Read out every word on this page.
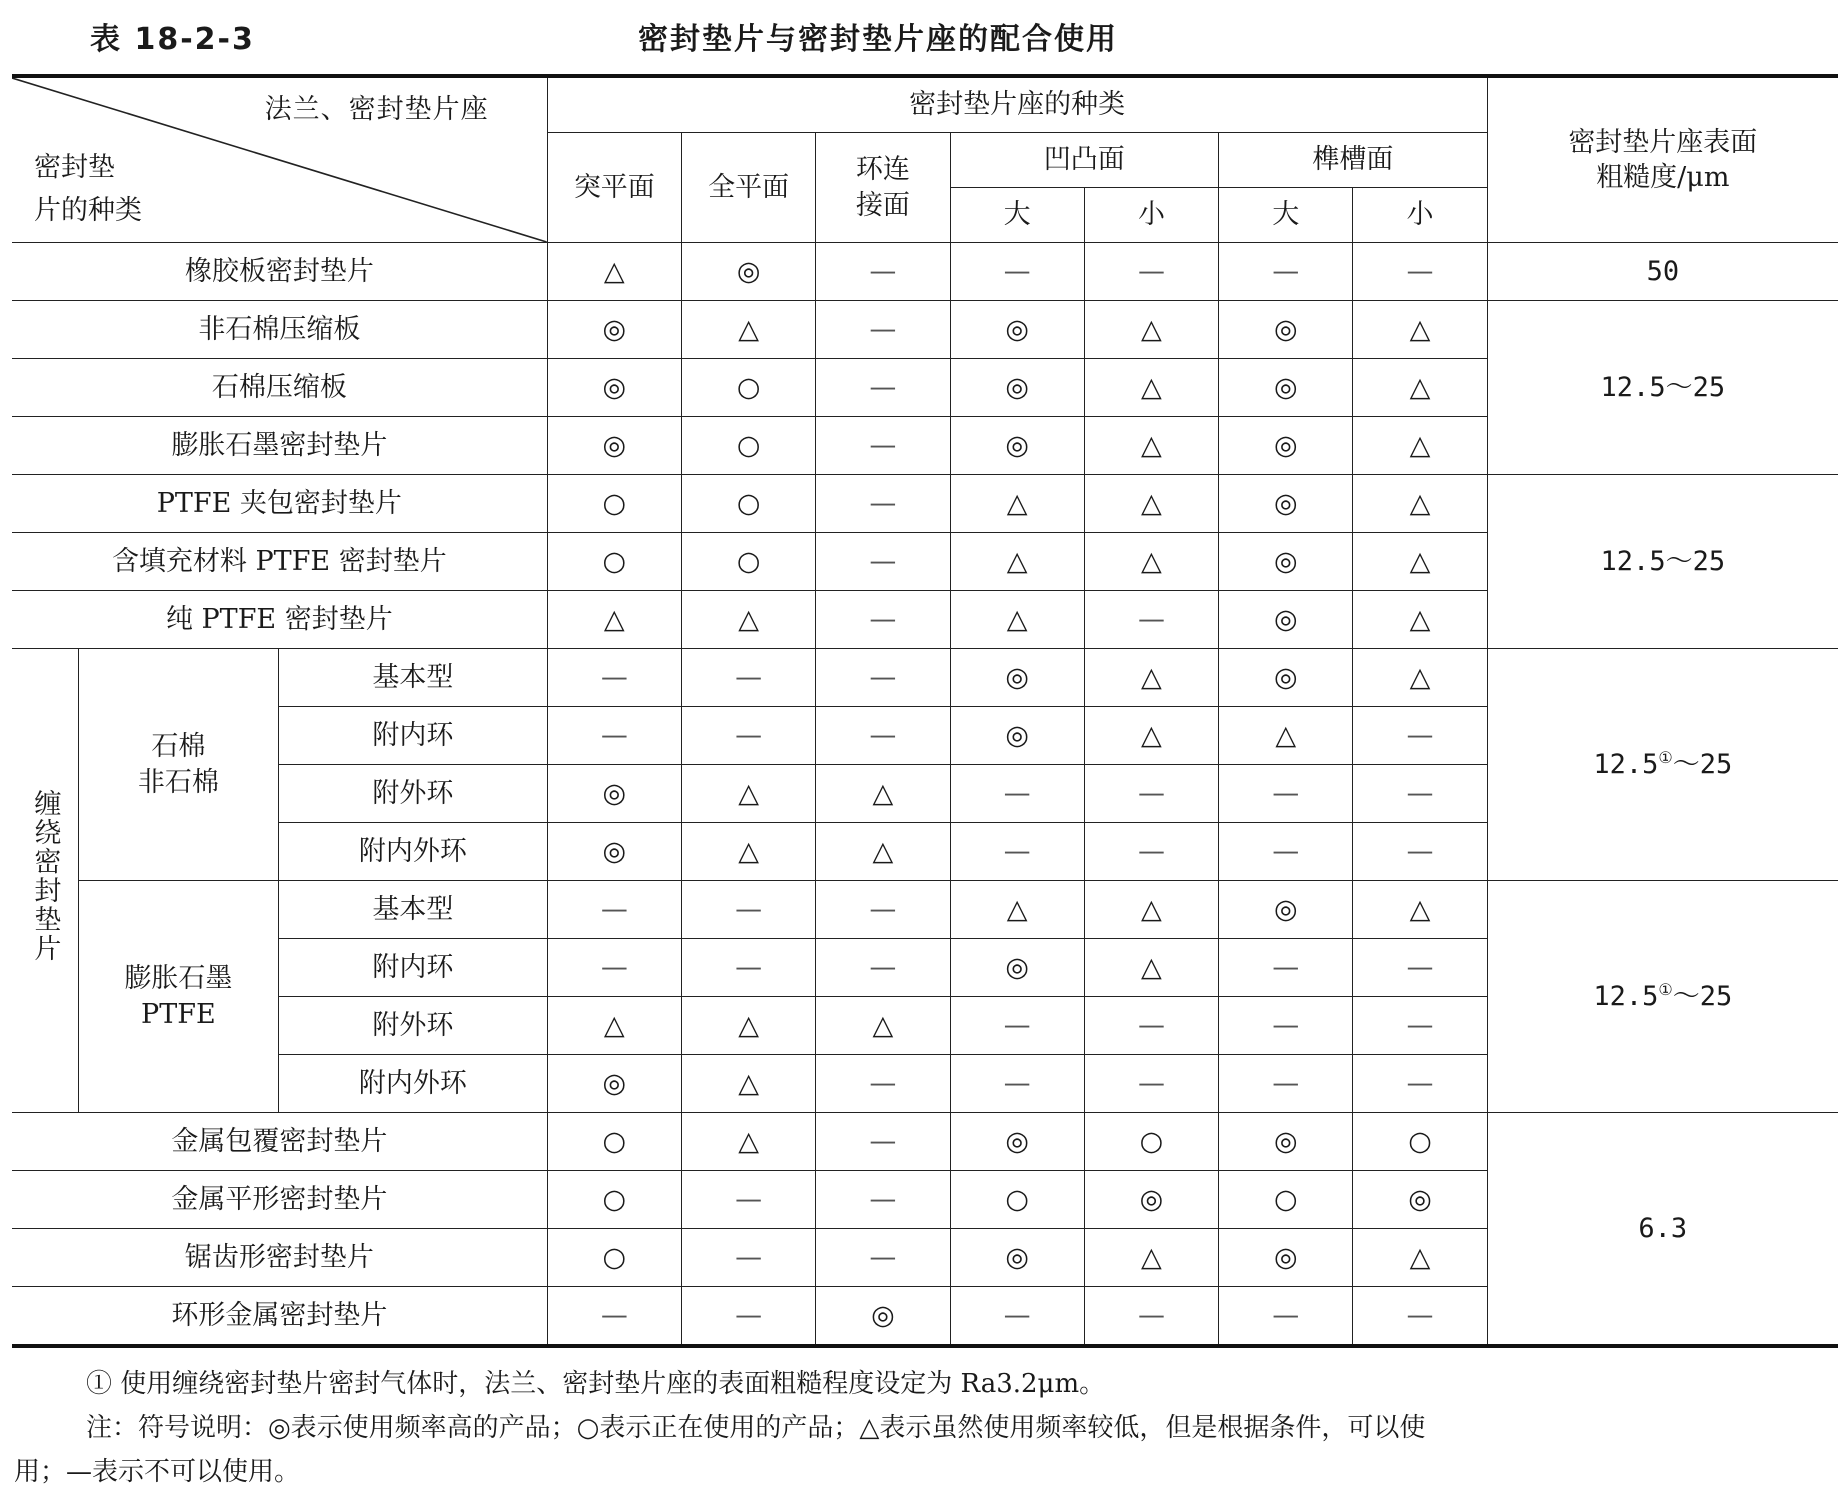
表 18-2-3	密封垫片与密封垫片座的配合使用
法兰、密封垫片座
密封垫
片的种类			密封垫片座的种类							密封垫片座表面
粗糙度/μm
			突平面	全平面	环连
接面	凹凸面		榫槽面		
						大	小	大	小	
橡胶板密封垫片			△	◎	—	—	—	—	—	50
非石棉压缩板			◎	△	—	◎	△	◎	△	12.5～25
石棉压缩板			◎	○	—	◎	△	◎	△	
膨胀石墨密封垫片			◎	○	—	◎	△	◎	△	
PTFE 夹包密封垫片			○	○	—	△	△	◎	△	12.5～25
含填充材料 PTFE 密封垫片			○	○	—	△	△	◎	△	
纯 PTFE 密封垫片			△	△	—	△	—	◎	△	
缠绕密封垫片	石棉
非石棉	基本型	—	—	—	◎	△	◎	△	12.5①～25
		附内环	—	—	—	◎	△	△	—	
		附外环	◎	△	△	—	—	—	—	
		附内外环	◎	△	△	—	—	—	—	
	膨胀石墨
PTFE	基本型	—	—	—	△	△	◎	△	12.5①～25
		附内环	—	—	—	◎	△	—	—	
		附外环	△	△	△	—	—	—	—	
		附内外环	◎	△	—	—	—	—	—	
金属包覆密封垫片			○	△	—	◎	○	◎	○	6.3
金属平形密封垫片			○	—	—	○	◎	○	◎	
锯齿形密封垫片			○	—	—	◎	△	◎	△	
环形金属密封垫片			—	—	◎	—	—	—	—	
① 使用缠绕密封垫片密封气体时，法兰、密封垫片座的表面粗糙程度设定为 Ra3.2μm。
注：符号说明：◎表示使用频率高的产品；○表示正在使用的产品；△表示虽然使用频率较低，但是根据条件，可以使
用；—表示不可以使用。
